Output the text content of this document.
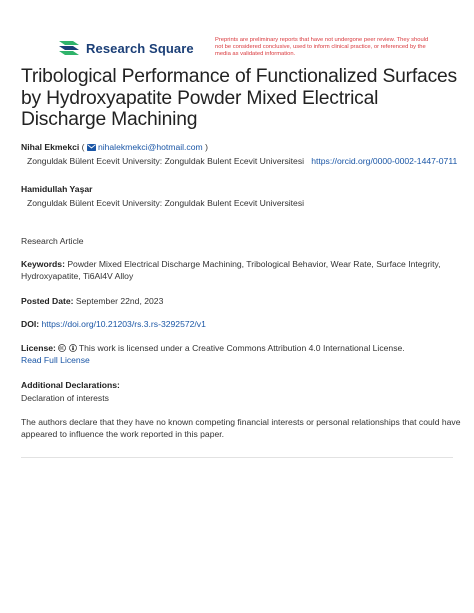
Research Square
Preprints are preliminary reports that have not undergone peer review. They should not be considered conclusive, used to inform clinical practice, or referenced by the media as validated information.
Tribological Performance of Functionalized Surfaces by Hydroxyapatite Powder Mixed Electrical Discharge Machining
Nihal Ekmekci ( nihalekmekci@hotmail.com )
Zonguldak Bülent Ecevit University: Zonguldak Bulent Ecevit Universitesi https://orcid.org/0000-0002-1447-0711
Hamidullah Yaşar
Zonguldak Bülent Ecevit University: Zonguldak Bulent Ecevit Universitesi
Research Article
Keywords: Powder Mixed Electrical Discharge Machining, Tribological Behavior, Wear Rate, Surface Integrity, Hydroxyapatite, Ti6Al4V Alloy
Posted Date: September 22nd, 2023
DOI: https://doi.org/10.21203/rs.3.rs-3292572/v1
License:	This work is licensed under a Creative Commons Attribution 4.0 International License.
Read Full License
Additional Declarations:
Declaration of interests
The authors declare that they have no known competing financial interests or personal relationships that could have appeared to influence the work reported in this paper.
